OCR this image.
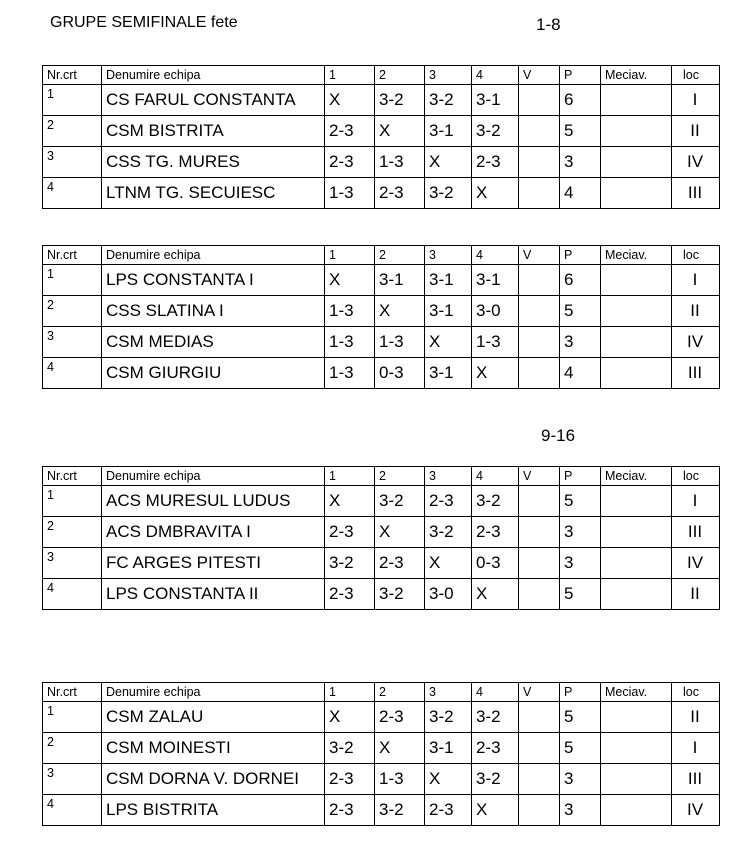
GRUPE SEMIFINALE fete	1-8
9-16
Nr.crt	Denumire echipa	1	2	3	4	V	P	Meciav.	loc
1	CS FARUL CONSTANTA	X	3-2	3-2	3-1		6		I
2	CSM BISTRITA	2-3	X	3-1	3-2		5		II
3	CSS TG. MURES	2-3	1-3	X	2-3		3		IV
4	LTNM TG. SECUIESC	1-3	2-3	3-2	X		4		III
Nr.crt	Denumire echipa	1	2	3	4	V	P	Meciav.	loc
1	LPS CONSTANTA I	X	3-1	3-1	3-1		6		I
2	CSS SLATINA I	1-3	X	3-1	3-0		5		II
3	CSM MEDIAS	1-3	1-3	X	1-3		3		IV
4	CSM GIURGIU	1-3	0-3	3-1	X		4		III
Nr.crt	Denumire echipa	1	2	3	4	V	P	Meciav.	loc
1	ACS MURESUL LUDUS	X	3-2	2-3	3-2		5		I
2	ACS DMBRAVITA I	2-3	X	3-2	2-3		3		III
3	FC ARGES PITESTI	3-2	2-3	X	0-3		3		IV
4	LPS CONSTANTA II	2-3	3-2	3-0	X		5		II
Nr.crt	Denumire echipa	1	2	3	4	V	P	Meciav.	loc
1	CSM ZALAU	X	2-3	3-2	3-2		5		II
2	CSM MOINESTI	3-2	X	3-1	2-3		5		I
3	CSM DORNA V. DORNEI	2-3	1-3	X	3-2		3		III
4	LPS BISTRITA	2-3	3-2	2-3	X		3		IV
